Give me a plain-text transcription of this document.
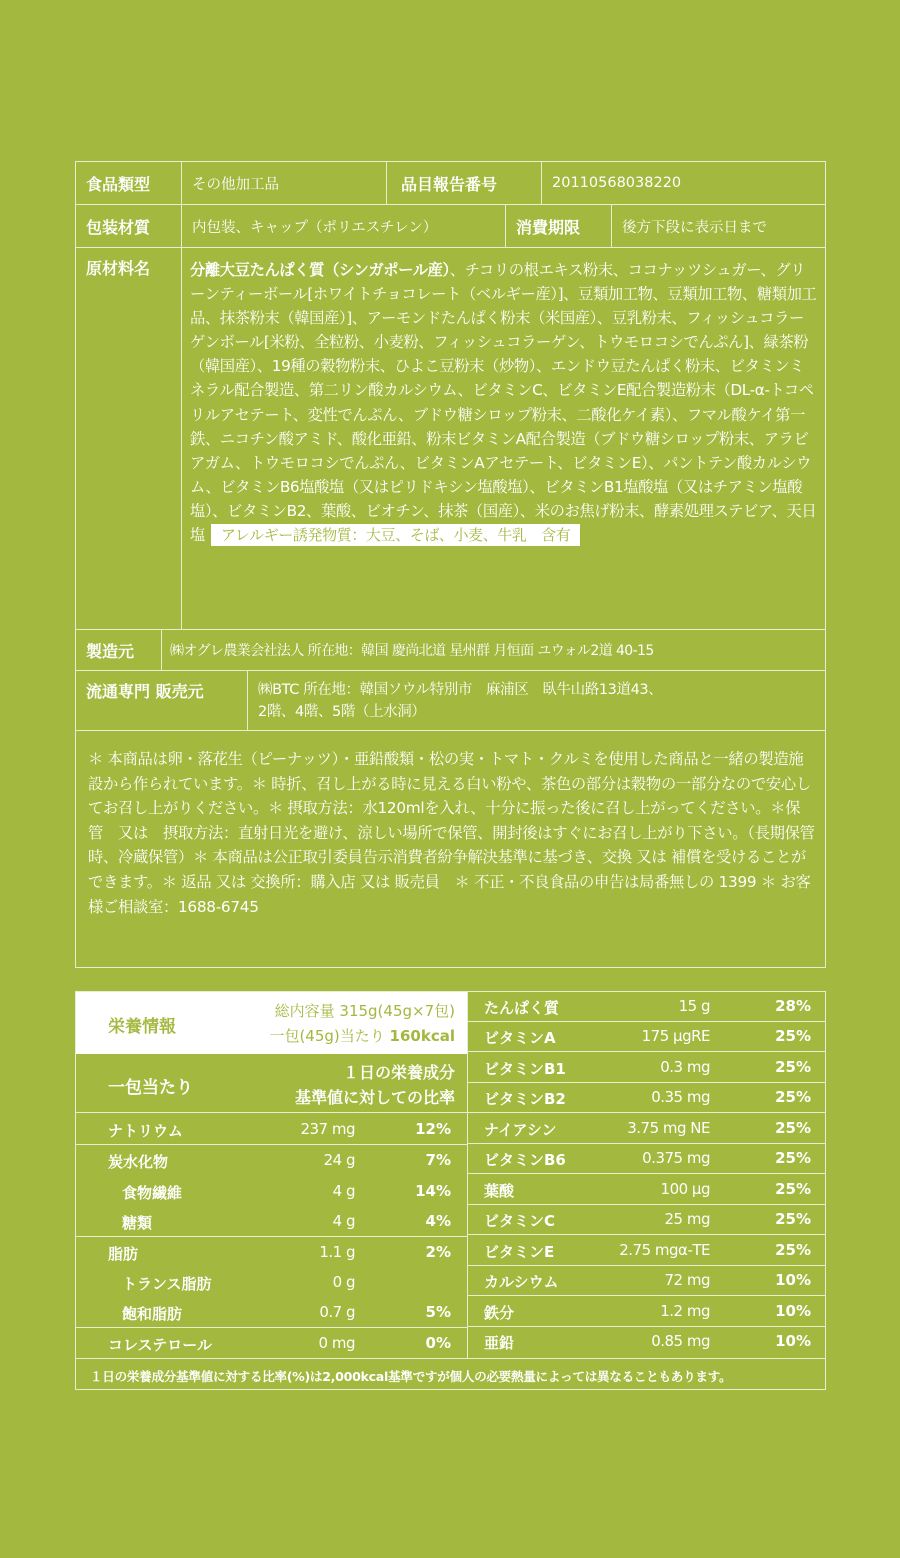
食品類型	その他加工品	品目報告番号	20110568038220
包装材質	内包装、キャップ（ポリエスチレン）	消費期限	後方下段に表示日まで
原材料名	分離大豆たんぱく質（シンガポール産）、チコリの根エキス粉末、ココナッツシュガー、グリーンティーボール[ホワイトチョコレート（ベルギー産）]、豆類加工物、豆類加工物、糖類加工品、抹茶粉末（韓国産）]、アーモンドたんぱく粉末（米国産）、豆乳粉末、フィッシュコラーゲンボール[米粉、全粒粉、小麦粉、フィッシュコラーゲン、トウモロコシでんぷん]、緑茶粉（韓国産）、19種の穀物粉末、ひよこ豆粉末（炒物）、エンドウ豆たんぱく粉末、ビタミンミネラル配合製造、第二リン酸カルシウム、ビタミンC、ビタミンE配合製造粉末（DL-α-トコペリルアセテート、変性でんぷん、ブドウ糖シロップ粉末、二酸化ケイ素）、フマル酸ケイ第一鉄、ニコチン酸アミド、酸化亜鉛、粉末ビタミンA配合製造（ブドウ糖シロップ粉末、アラビアガム、トウモロコシでんぷん、ビタミンAアセテート、ビタミンE）、パントテン酸カルシウム、ビタミンB6塩酸塩（又はピリドキシン塩酸塩）、ビタミンB1塩酸塩（又はチアミン塩酸塩）、ビタミンB2、葉酸、ビオチン、抹茶（国産）、米のお焦げ粉末、酵素処理ステビア、天日塩 アレルギー誘発物質：大豆、そば、小麦、牛乳　含有
製造元	㈱オグレ農業会社法人 所在地：韓国 慶尚北道 星州群 月恒面 ユウォル2道 40-15
流通専門 販売元	㈱BTC 所在地：韓国ソウル特別市　麻浦区　臥牛山路13道43、
2階、4階、5階（上水洞）
＊ 本商品は卵・落花生（ピーナッツ）・亜鉛酸類・松の実・トマト・クルミを使用した商品と一緒の製造施設から作られています。＊ 時折、召し上がる時に見える白い粉や、茶色の部分は穀物の一部分なので安心してお召し上がりください。＊ 摂取方法：水120mlを入れ、十分に振った後に召し上がってください。＊保管　又は　摂取方法：直射日光を避け、涼しい場所で保管、開封後はすぐにお召し上がり下さい。（長期保管時、冷蔵保管）＊ 本商品は公正取引委員告示消費者紛争解決基準に基づき、交換 又は 補償を受けることができます。＊ 返品 又は 交換所：購入店 又は 販売員　＊ 不正・不良食品の申告は局番無しの 1399 ＊ お客様ご相談室：1688-6745
栄養情報
総内容量 315g(45g×7包)
一包(45g)当たり 160kcal
一包当たり
１日の栄養成分
基準値に対しての比率
ナトリウム	237 mg	12%
炭水化物	24 g	7%
食物繊維	4 g	14%
糖類	4 g	4%
脂肪	1.1 g	2%
トランス脂肪	0 g
飽和脂肪	0.7 g	5%
コレステロール	0 mg	0%
たんぱく質	15 g	28%
ビタミンA	175 μgRE	25%
ビタミンB1	0.3 mg	25%
ビタミンB2	0.35 mg	25%
ナイアシン	3.75 mg NE	25%
ビタミンB6	0.375 mg	25%
葉酸	100 μg	25%
ビタミンC	25 mg	25%
ビタミンE	2.75 mgα-TE	25%
カルシウム	72 mg	10%
鉄分	1.2 mg	10%
亜鉛	0.85 mg	10%
１日の栄養成分基準値に対する比率(%)は2,000kcal基準ですが個人の必要熱量によっては異なることもあります。
